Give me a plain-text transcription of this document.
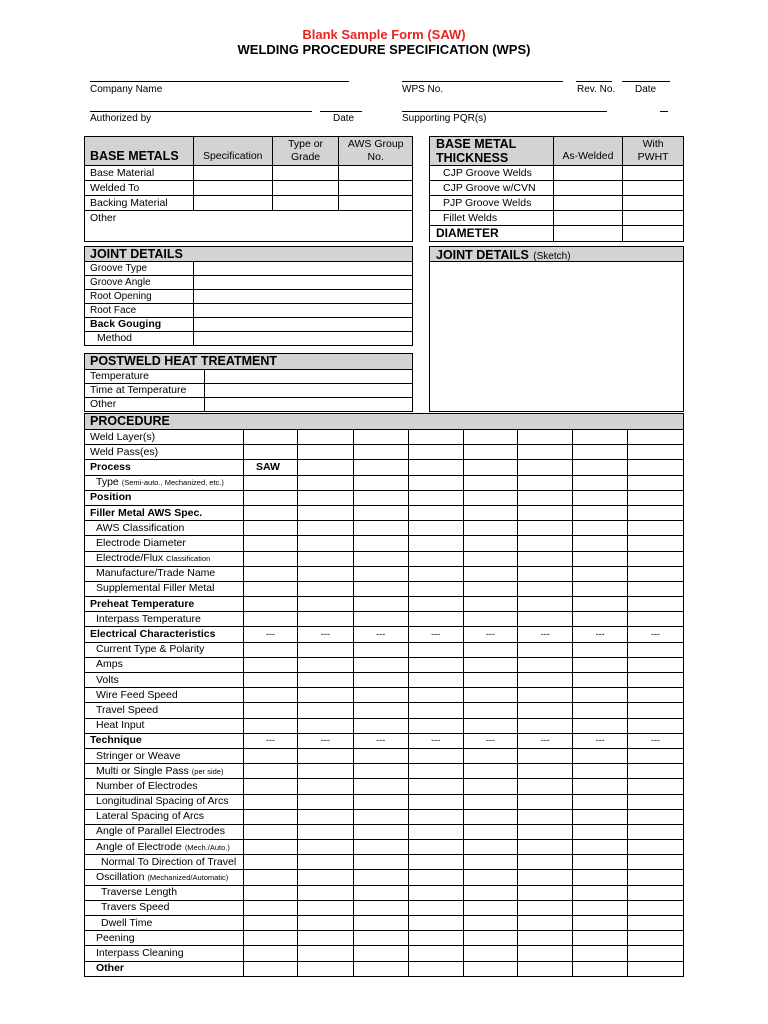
Blank Sample Form (SAW)
WELDING PROCEDURE SPECIFICATION (WPS)
Company Name	WPS No.	Rev. No. Date
Authorized by	Date	Supporting PQR(s)
BASE METALS	Specification	Type or Grade	AWS Group No.
Base Material			
Welded To			
Backing Material			
Other			
BASE METAL THICKNESS	As-Welded	With PWHT
CJP Groove Welds		
CJP Groove w/CVN		
PJP Groove Welds		
Fillet Welds		
DIAMETER		
JOINT DETAILS	
Groove Type	
Groove Angle	
Root Opening	
Root Face	
Back Gouging	
Method	
JOINT DETAILS (Sketch)
POSTWELD HEAT TREATMENT	
Temperature	
Time at Temperature	
Other	
PROCEDURE								
Weld Layer(s)								
Weld Pass(es)								
Process	SAW							
Type (Semi-auto., Mechanized, etc.)								
Position								
Filler Metal AWS Spec.								
AWS Classification								
Electrode Diameter								
Electrode/Flux Classification								
Manufacture/Trade Name								
Supplemental Filler Metal								
Preheat Temperature								
Interpass Temperature								
Electrical Characteristics	---	---	---	---	---	---	---	---
Current Type & Polarity								
Amps								
Volts								
Wire Feed Speed								
Travel Speed								
Heat Input								
Technique	---	---	---	---	---	---	---	---
Stringer or Weave								
Multi or Single Pass (per side)								
Number of Electrodes								
Longitudinal Spacing of Arcs								
Lateral Spacing of Arcs								
Angle of Parallel Electrodes								
Angle of Electrode (Mech./Auto.)								
Normal To Direction of Travel								
Oscillation (Mechanized/Automatic)								
Traverse Length								
Travers Speed								
Dwell Time								
Peening								
Interpass Cleaning								
Other								
